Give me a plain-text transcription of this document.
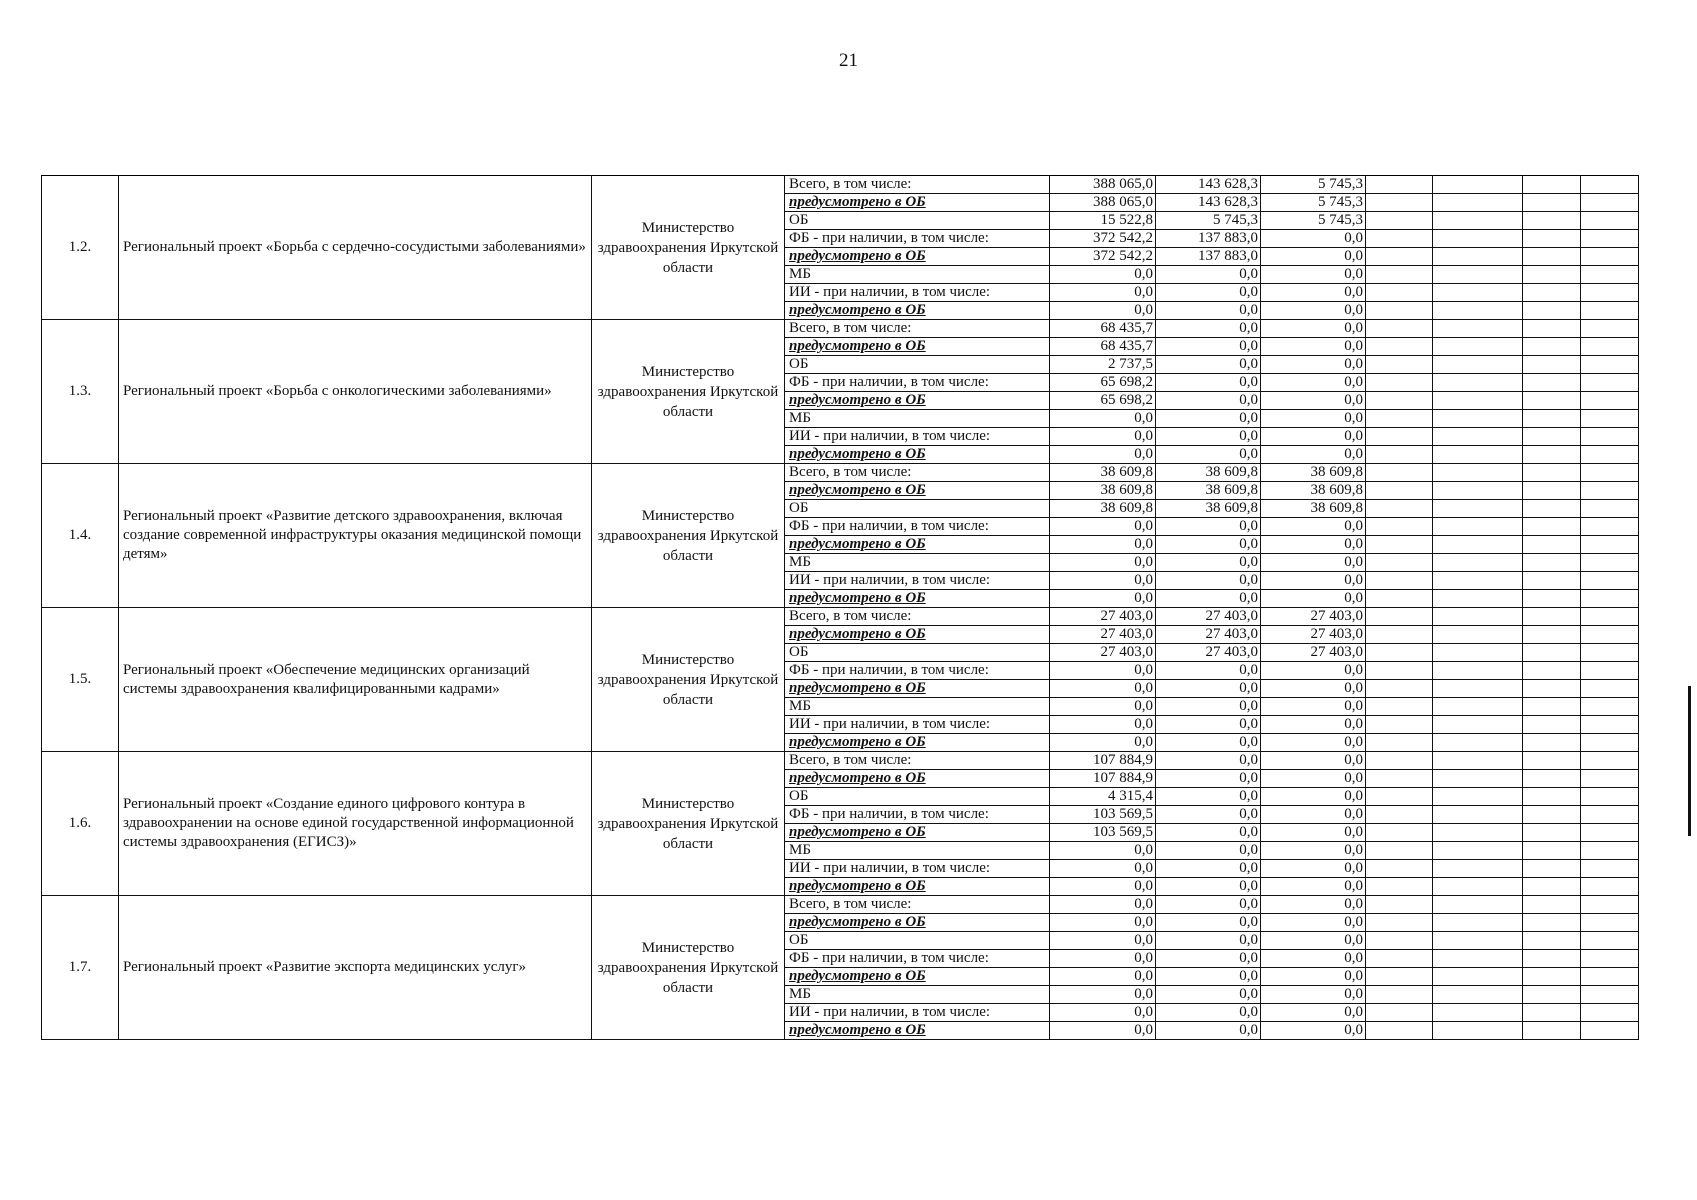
21
1.2.	Региональный проект «Борьба с сердечно-сосудистыми заболеваниями»	Министерство здравоохранения Иркутской области	Всего, в том числе:	388 065,0	143 628,3	5 745,3				
			предусмотрено в ОБ	388 065,0	143 628,3	5 745,3				
			ОБ	15 522,8	5 745,3	5 745,3				
			ФБ - при наличии, в том числе:	372 542,2	137 883,0	0,0				
			предусмотрено в ОБ	372 542,2	137 883,0	0,0				
			МБ	0,0	0,0	0,0				
			ИИ - при наличии, в том числе:	0,0	0,0	0,0				
			предусмотрено в ОБ	0,0	0,0	0,0				
1.3.	Региональный проект «Борьба с онкологическими заболеваниями»	Министерство здравоохранения Иркутской области	Всего, в том числе:	68 435,7	0,0	0,0				
			предусмотрено в ОБ	68 435,7	0,0	0,0				
			ОБ	2 737,5	0,0	0,0				
			ФБ - при наличии, в том числе:	65 698,2	0,0	0,0				
			предусмотрено в ОБ	65 698,2	0,0	0,0				
			МБ	0,0	0,0	0,0				
			ИИ - при наличии, в том числе:	0,0	0,0	0,0				
			предусмотрено в ОБ	0,0	0,0	0,0				
1.4.	Региональный проект «Развитие детского здравоохранения, включая создание современной инфраструктуры оказания медицинской помощи детям»	Министерство здравоохранения Иркутской области	Всего, в том числе:	38 609,8	38 609,8	38 609,8				
			предусмотрено в ОБ	38 609,8	38 609,8	38 609,8				
			ОБ	38 609,8	38 609,8	38 609,8				
			ФБ - при наличии, в том числе:	0,0	0,0	0,0				
			предусмотрено в ОБ	0,0	0,0	0,0				
			МБ	0,0	0,0	0,0				
			ИИ - при наличии, в том числе:	0,0	0,0	0,0				
			предусмотрено в ОБ	0,0	0,0	0,0				
1.5.	Региональный проект «Обеспечение медицинских организаций системы здравоохранения квалифицированными кадрами»	Министерство здравоохранения Иркутской области	Всего, в том числе:	27 403,0	27 403,0	27 403,0				
			предусмотрено в ОБ	27 403,0	27 403,0	27 403,0				
			ОБ	27 403,0	27 403,0	27 403,0				
			ФБ - при наличии, в том числе:	0,0	0,0	0,0				
			предусмотрено в ОБ	0,0	0,0	0,0				
			МБ	0,0	0,0	0,0				
			ИИ - при наличии, в том числе:	0,0	0,0	0,0				
			предусмотрено в ОБ	0,0	0,0	0,0				
1.6.	Региональный проект «Создание единого цифрового контура в здравоохранении на основе единой государственной информационной системы здравоохранения (ЕГИСЗ)»	Министерство здравоохранения Иркутской области	Всего, в том числе:	107 884,9	0,0	0,0				
			предусмотрено в ОБ	107 884,9	0,0	0,0				
			ОБ	4 315,4	0,0	0,0				
			ФБ - при наличии, в том числе:	103 569,5	0,0	0,0				
			предусмотрено в ОБ	103 569,5	0,0	0,0				
			МБ	0,0	0,0	0,0				
			ИИ - при наличии, в том числе:	0,0	0,0	0,0				
			предусмотрено в ОБ	0,0	0,0	0,0				
1.7.	Региональный проект «Развитие экспорта медицинских услуг»	Министерство здравоохранения Иркутской области	Всего, в том числе:	0,0	0,0	0,0				
			предусмотрено в ОБ	0,0	0,0	0,0				
			ОБ	0,0	0,0	0,0				
			ФБ - при наличии, в том числе:	0,0	0,0	0,0				
			предусмотрено в ОБ	0,0	0,0	0,0				
			МБ	0,0	0,0	0,0				
			ИИ - при наличии, в том числе:	0,0	0,0	0,0				
			предусмотрено в ОБ	0,0	0,0	0,0				
